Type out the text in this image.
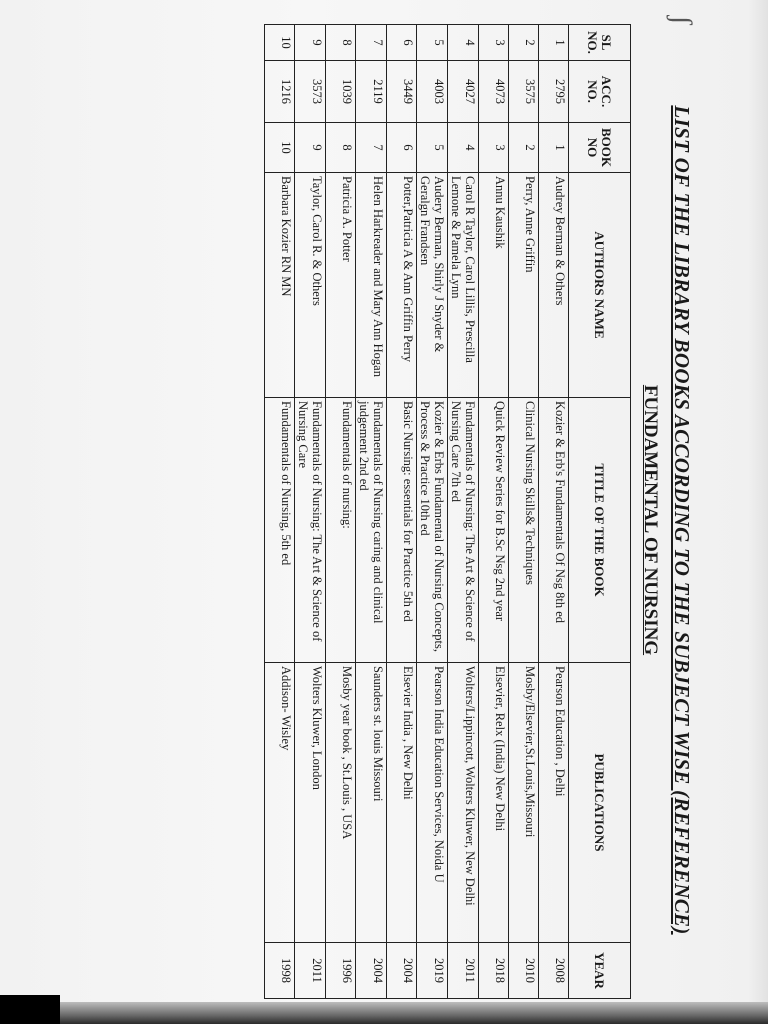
ʃ
LIST OF THE LIBRARY BOOKS ACCORDING TO THE SUBJECT WISE (REFERENCE)
FUNDAMENTAL OF NURSING
SL NO.	ACC. NO.	BOOK NO	AUTHORS NAME	TITLE OF THE BOOK	PUBLICATIONS	YEAR
1	2795	1	Audrey Berman & Others	Kozier & Erb's Fundamentals Of Nsg 8th ed	Pearson Education , Delhi	2008
2	3575	2	Perry, Anne Griffin	Clinical Nursing Skills& Techniques	Mosby/Elsevier,St.Louis,Missouri	2010
3	4073	3	Annu Kaushik	Quick Review Series for B.Sc Nsg 2nd year	Elsevier, Relx (India) New Delhi	2018
4	4027	4	Carol R Taylor, Carol Lillis, Prescilla Lemone & Pamela Lynn	Fundamentals of Nursing: The Art & Science of Nursing Care 7th ed	Wolters/Lippincott, Wolters Kluwer, New Delhi	2011
5	4003	5	Audery Berman, Shirly J Snyder & Geralgn Frandsen	Kozier & Erbs Fundamental of Nursing Concepts, Process & Practice 10th ed	Pearson India Education Services, Noida U	2019
6	3449	6	Potter,Patricia A & Ann Griffin Perry	Basic Nursing: essentials for Practice 5th ed	Elsevier India , New Delhi	2004
7	2119	7	Helen Harkreader and Mary Ann Hogan	Fundamentals of Nursing caring and clinical judgement 2nd ed	Saunders st. louis Missouri	2004
8	1039	8	Patricia A. Potter	Fundamentals of nursing:	Mosby year book , St.Louis , USA	1996
9	3573	9	Taylor, Carol R. & Others	Fundamentals of Nursing: The Art & Science of Nursing Care	Wolters Kluwer, London	2011
10	1216	10	Barbara Kozier RN MN	Fundamentals of Nursing, 5th ed	Addison- Wisley	1998
